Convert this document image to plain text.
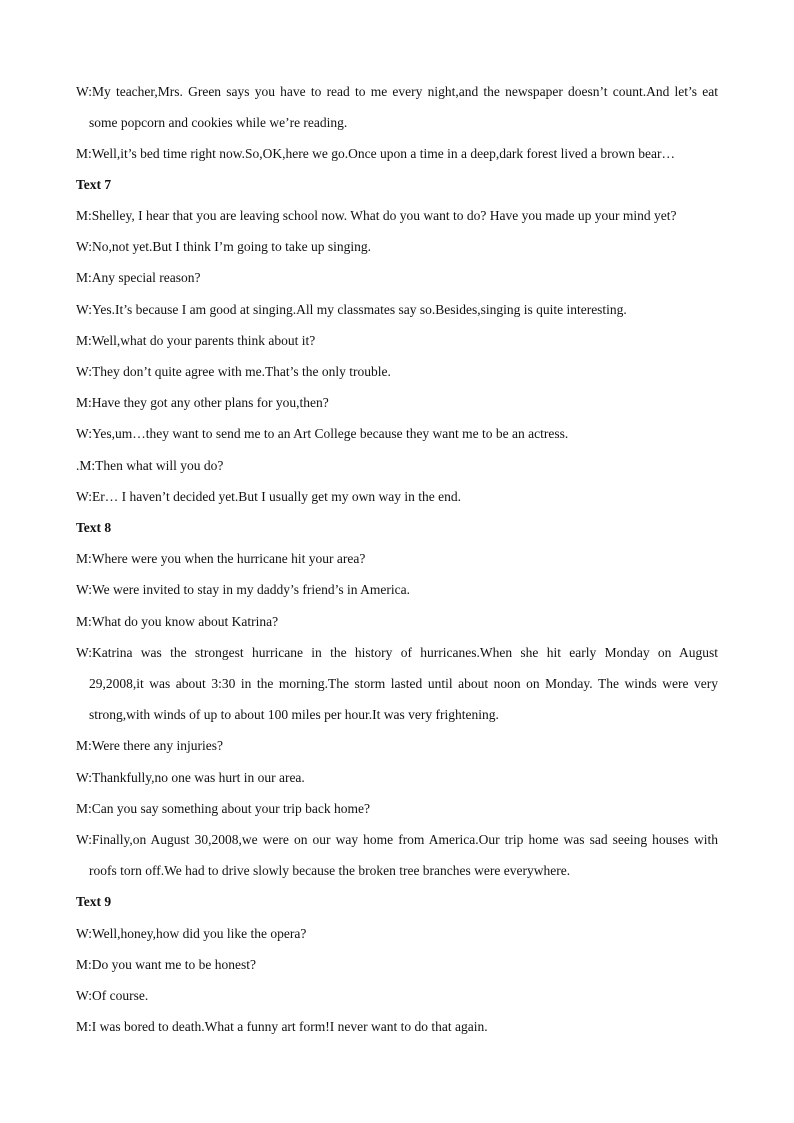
W:My teacher,Mrs. Green says you have to read to me every night,and the newspaper doesn’t count.And let’s eat
some popcorn and cookies while we’re reading.
M:Well,it’s bed time right now.So,OK,here we go.Once upon a time in a deep,dark forest lived a brown bear…
Text 7
M:Shelley, I hear that you are leaving school now. What do you want to do? Have you made up your mind yet?
W:No,not yet.But I think I’m going to take up singing.
M:Any special reason?
W:Yes.It’s because I am good at singing.All my classmates say so.Besides,singing is quite interesting.
M:Well,what do your parents think about it?
W:They don’t quite agree with me.That’s the only trouble.
M:Have they got any other plans for you,then?
W:Yes,um…they want to send me to an Art College because they want me to be an actress.
.M:Then what will you do?
W:Er… I haven’t decided yet.But I usually get my own way in the end.
Text 8
M:Where were you when the hurricane hit your area?
W:We were invited to stay in my daddy’s friend’s in America.
M:What do you know about Katrina?
W:Katrina was the strongest hurricane in the history of hurricanes.When she hit early Monday on August
29,2008,it was about 3:30 in the morning.The storm lasted until about noon on Monday. The winds were very
strong,with winds of up to about 100 miles per hour.It was very frightening.
M:Were there any injuries?
W:Thankfully,no one was hurt in our area.
M:Can you say something about your trip back home?
W:Finally,on August 30,2008,we were on our way home from America.Our trip home was sad seeing houses with
roofs torn off.We had to drive slowly because the broken tree branches were everywhere.
Text 9
W:Well,honey,how did you like the opera?
M:Do you want me to be honest?
W:Of course.
M:I was bored to death.What a funny art form!I never want to do that again.
